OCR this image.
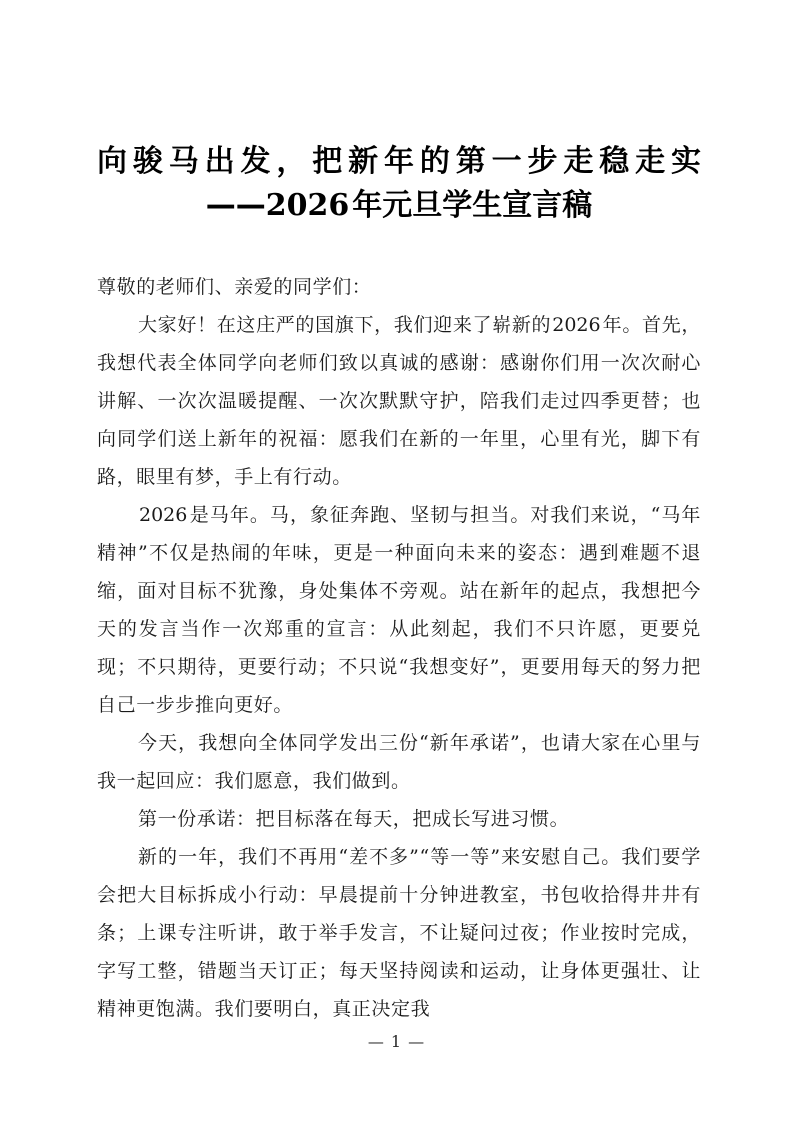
向骏马出发，把新年的第一步走稳走实
——2026 年元旦学生宣言稿

尊敬的老师们、亲爱的同学们：

大家好！在这庄严的国旗下，我们迎来了崭新的2026 年。首先，我想代表全体同学向老师们致以真诚的感谢：感谢你们用一次次耐心讲解、一次次温暖提醒、一次次默默守护，陪我们走过四季更替；也向同学们送上新年的祝福：愿我们在新的一年里，心里有光，脚下有路，眼里有梦，手上有行动。

2026 是马年。马，象征奔跑、坚韧与担当。对我们来说，“马年精神”不仅是热闹的年味，更是一种面向未来的姿态：遇到难题不退缩，面对目标不犹豫，身处集体不旁观。站在新年的起点，我想把今天的发言当作一次郑重的宣言：从此刻起，我们不只许愿，更要兑现；不只期待，更要行动；不只说“我想变好”，更要用每天的努力把自己一步步推向更好。

今天，我想向全体同学发出三份“新年承诺”，也请大家在心里与我一起回应：我们愿意，我们做到。

第一份承诺：把目标落在每天，把成长写进习惯。

新的一年，我们不再用“差不多”“等一等”来安慰自己。我们要学会把大目标拆成小行动：早晨提前十分钟进教室，书包收拾得井井有条；上课专注听讲，敢于举手发言，不让疑问过夜；作业按时完成，字写工整，错题当天订正；每天坚持阅读和运动，让身体更强壮、让精神更饱满。我们要明白，真正决定我

— 1 —
